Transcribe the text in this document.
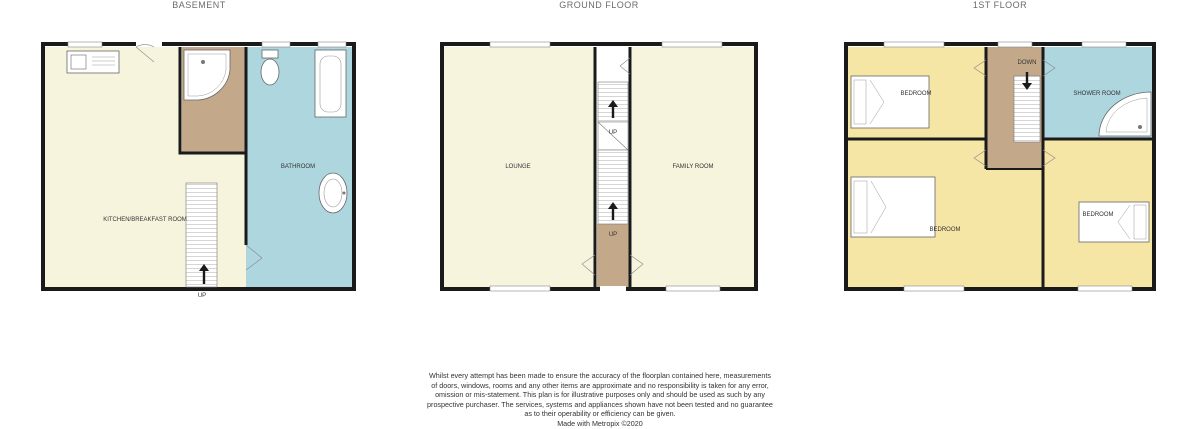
BASEMENT	GROUND FLOOR	1ST FLOOR
KITCHEN/BREAKFAST ROOM
BATHROOM
UP
LOUNGE	FAMILY ROOM
UP
UP
BEDROOM	SHOWER ROOM
BEDROOM
BEDROOM
DOWN
Whilst every attempt has been made to ensure the accuracy of the floorplan contained here, measurements
of doors, windows, rooms and any other items are approximate and no responsibility is taken for any error,
omission or mis-statement. This plan is for illustrative purposes only and should be used as such by any
prospective purchaser. The services, systems and appliances shown have not been tested and no guarantee
as to their operability or efficiency can be given.
Made with Metropix ©2020
